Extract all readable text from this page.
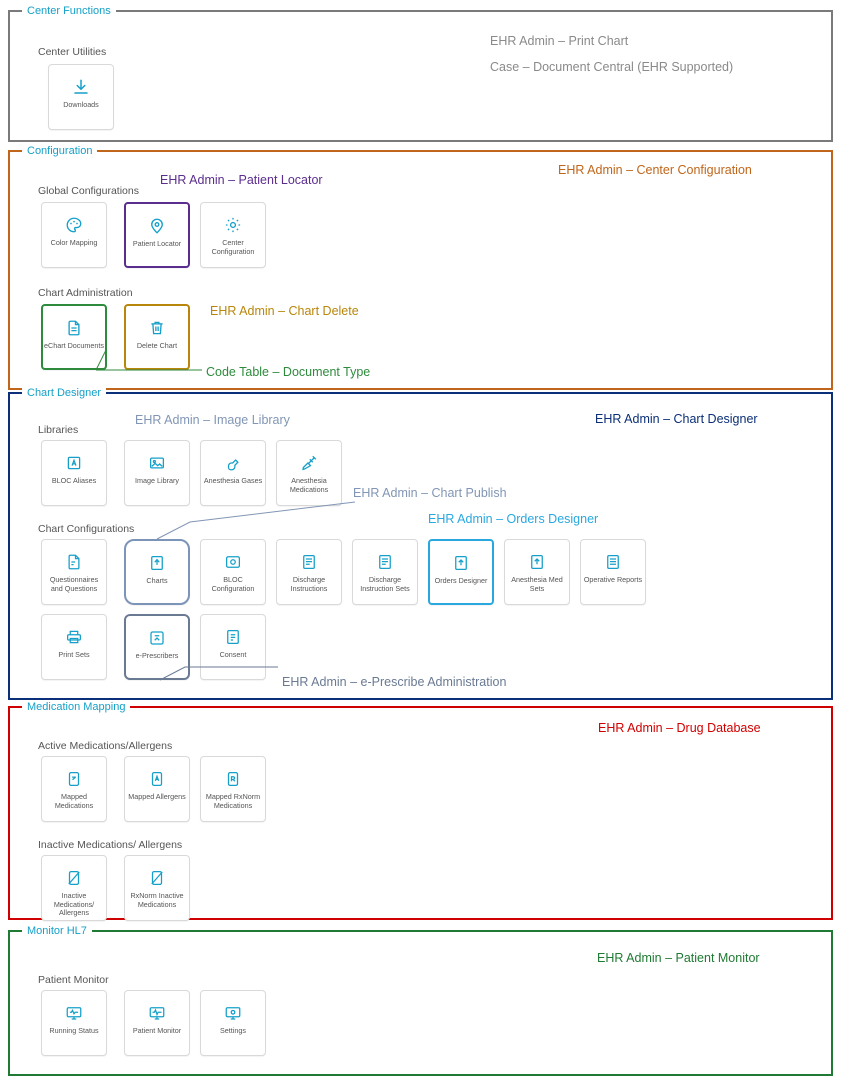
Center Functions
Center Utilities
Downloads
EHR Admin – Print Chart
Case – Document Central (EHR Supported)
Configuration
Global Configurations
Color Mapping	Patient Locator	Center Configuration
Chart Administration
eChart Documents	Delete Chart
EHR Admin – Center Configuration
EHR Admin – Patient Locator
EHR Admin – Chart Delete
Code Table – Document Type
Chart Designer
Libraries
BLOC Aliases	Image Library	Anesthesia Gases	Anesthesia Medications
Chart Configurations
Questionnaires and Questions
Charts	BLOC Configuration
Discharge Instructions
Discharge Instruction Sets
Orders Designer	Anesthesia Med Sets
Operative Reports
Print Sets	e-Prescribers	Consent
EHR Admin – Chart Designer
EHR Admin – Image Library
EHR Admin – Chart Publish
EHR Admin – Orders Designer
EHR Admin – e-Prescribe Administration
Medication Mapping
Active Medications/Allergens
Mapped Medications
Mapped Allergens	Mapped RxNorm Medications
Inactive Medications/ Allergens
Inactive Medications/ Allergens
RxNorm Inactive Medications
EHR Admin – Drug Database
Monitor HL7
Patient Monitor
Running Status	Patient Monitor	Settings
EHR Admin – Patient Monitor
